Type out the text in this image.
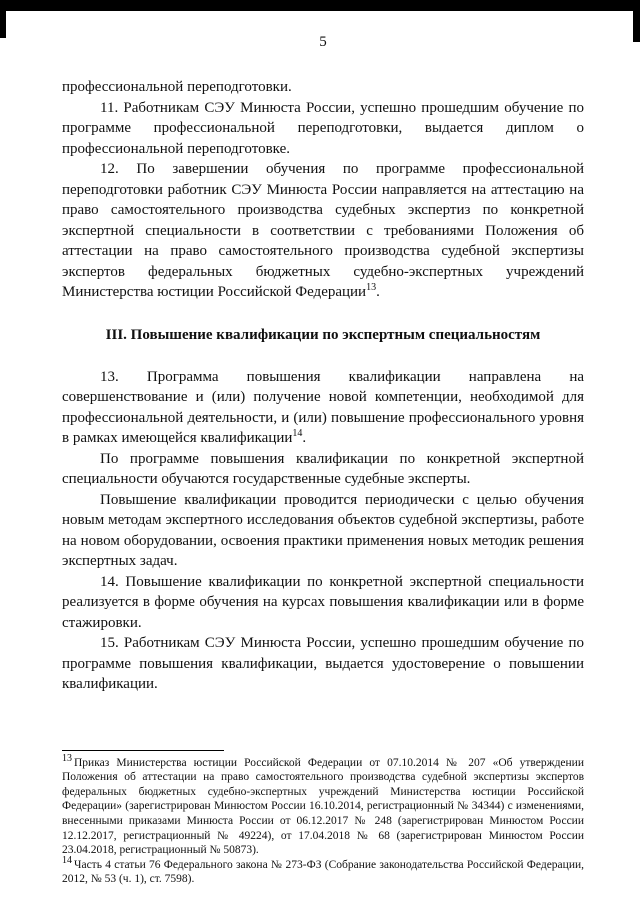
5

профессиональной переподготовки.

11. Работникам СЭУ Минюста России, успешно прошедшим обучение по программе профессиональной переподготовки, выдается диплом о профессиональной переподготовке.

12. По завершении обучения по программе профессиональной переподготовки работник СЭУ Минюста России направляется на аттестацию на право самостоятельного производства судебных экспертиз по конкретной экспертной специальности в соответствии с требованиями Положения об аттестации на право самостоятельного производства судебной экспертизы экспертов федеральных бюджетных судебно-экспертных учреждений Министерства юстиции Российской Федерации$^{13}$.

III. Повышение квалификации по экспертным специальностям

13. Программа повышения квалификации направлена на совершенствование и (или) получение новой компетенции, необходимой для профессиональной деятельности, и (или) повышение профессионального уровня в рамках имеющейся квалификации$^{14}$.

По программе повышения квалификации по конкретной экспертной специальности обучаются государственные судебные эксперты.

Повышение квалификации проводится периодически с целью обучения новым методам экспертного исследования объектов судебной экспертизы, работе на новом оборудовании, освоения практики применения новых методик решения экспертных задач.

14. Повышение квалификации по конкретной экспертной специальности реализуется в форме обучения на курсах повышения квалификации или в форме стажировки.

15. Работникам СЭУ Минюста России, успешно прошедшим обучение по программе повышения квалификации, выдается удостоверение о повышении квалификации.

$^{13}$ Приказ Министерства юстиции Российской Федерации от 07.10.2014 № 207 «Об утверждении Положения об аттестации на право самостоятельного производства судебной экспертизы экспертов федеральных бюджетных судебно-экспертных учреждений Министерства юстиции Российской Федерации» (зарегистрирован Минюстом России 16.10.2014, регистрационный № 34344) с изменениями, внесенными приказами Минюста России от 06.12.2017 № 248 (зарегистрирован Минюстом России 12.12.2017, регистрационный № 49224), от 17.04.2018 № 68 (зарегистрирован Минюстом России 23.04.2018, регистрационный № 50873).

$^{14}$ Часть 4 статьи 76 Федерального закона № 273-ФЗ (Собрание законодательства Российской Федерации, 2012, № 53 (ч. 1), ст. 7598).
